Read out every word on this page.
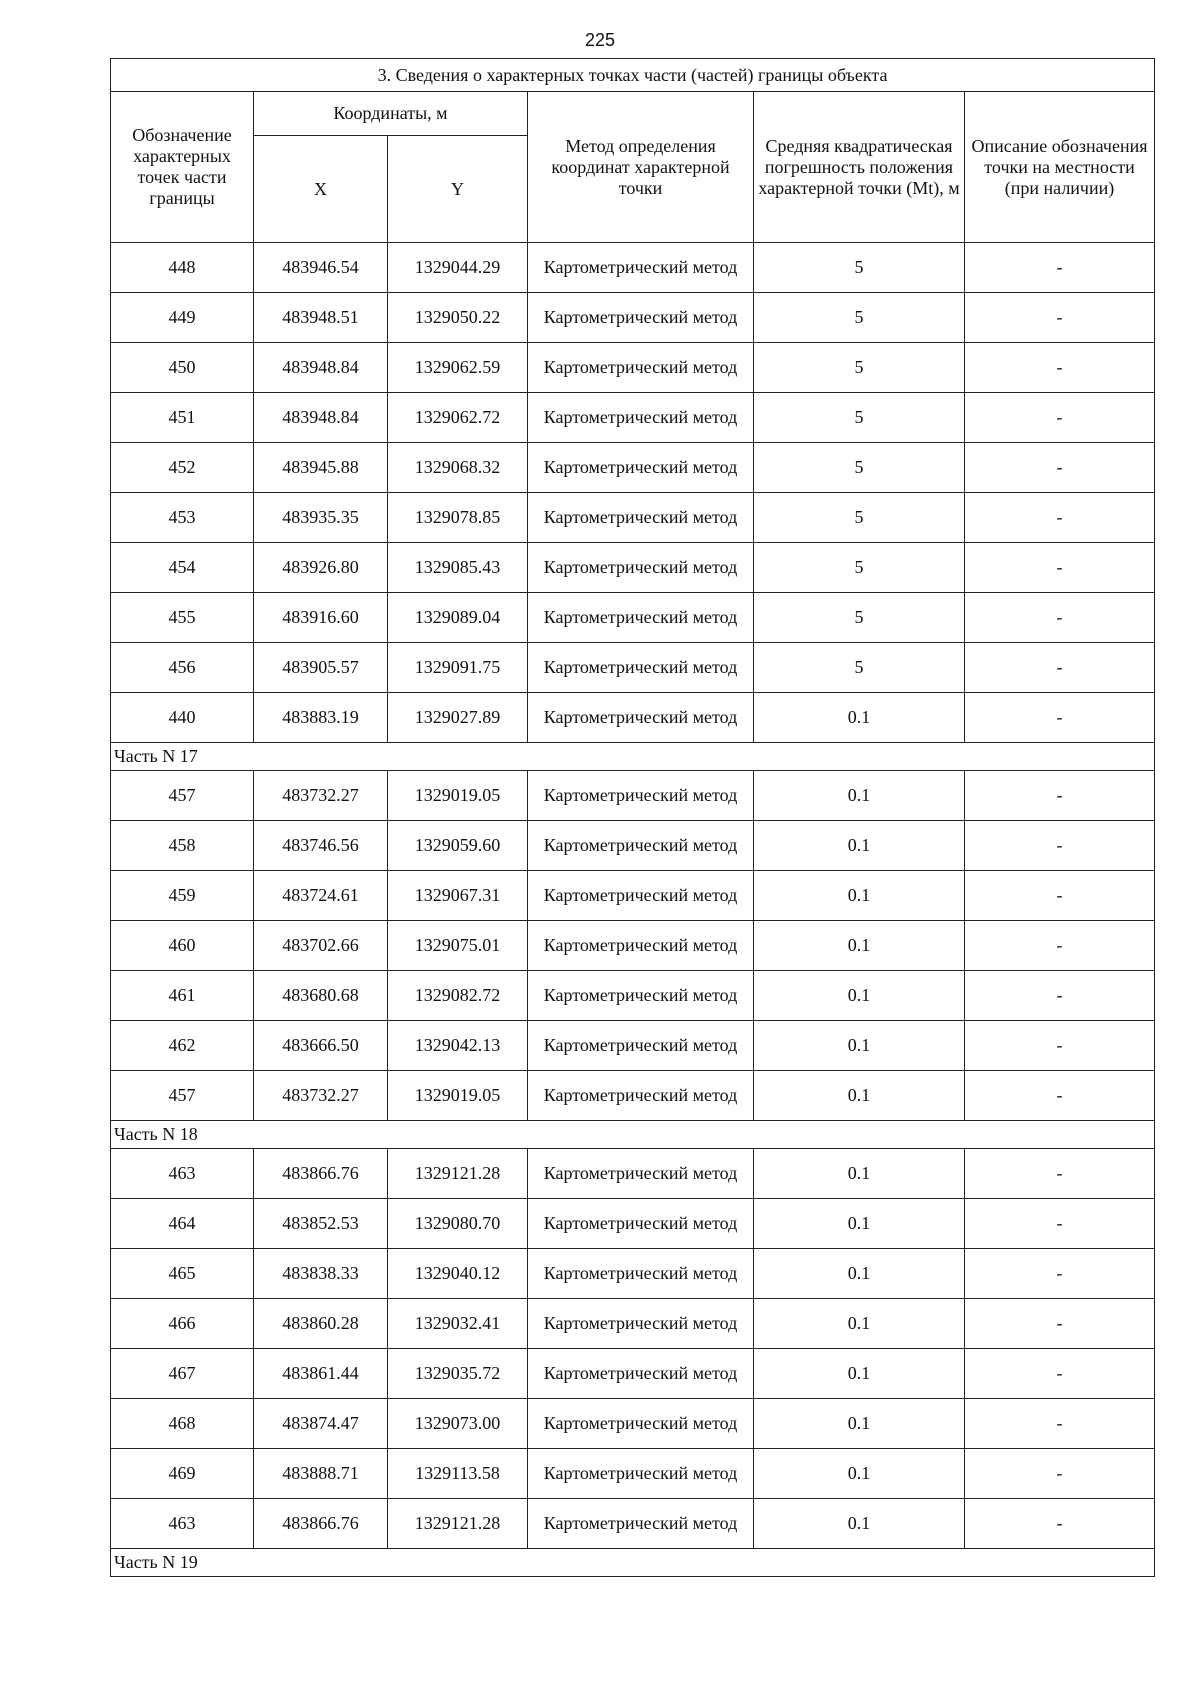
225
3. Сведения о характерных точках части (частей) границы объекта					
Обозначение характерных точек части границы	Координаты, м		Метод определения координат характерной точки	Средняя квадратическая погрешность положения характерной точки (Mt), м	Описание обозначения точки на местности (при наличии)
	X	Y			
448	483946.54	1329044.29	Картометрический метод	5	-
449	483948.51	1329050.22	Картометрический метод	5	-
450	483948.84	1329062.59	Картометрический метод	5	-
451	483948.84	1329062.72	Картометрический метод	5	-
452	483945.88	1329068.32	Картометрический метод	5	-
453	483935.35	1329078.85	Картометрический метод	5	-
454	483926.80	1329085.43	Картометрический метод	5	-
455	483916.60	1329089.04	Картометрический метод	5	-
456	483905.57	1329091.75	Картометрический метод	5	-
440	483883.19	1329027.89	Картометрический метод	0.1	-
Часть N 17					
457	483732.27	1329019.05	Картометрический метод	0.1	-
458	483746.56	1329059.60	Картометрический метод	0.1	-
459	483724.61	1329067.31	Картометрический метод	0.1	-
460	483702.66	1329075.01	Картометрический метод	0.1	-
461	483680.68	1329082.72	Картометрический метод	0.1	-
462	483666.50	1329042.13	Картометрический метод	0.1	-
457	483732.27	1329019.05	Картометрический метод	0.1	-
Часть N 18					
463	483866.76	1329121.28	Картометрический метод	0.1	-
464	483852.53	1329080.70	Картометрический метод	0.1	-
465	483838.33	1329040.12	Картометрический метод	0.1	-
466	483860.28	1329032.41	Картометрический метод	0.1	-
467	483861.44	1329035.72	Картометрический метод	0.1	-
468	483874.47	1329073.00	Картометрический метод	0.1	-
469	483888.71	1329113.58	Картометрический метод	0.1	-
463	483866.76	1329121.28	Картометрический метод	0.1	-
Часть N 19					
